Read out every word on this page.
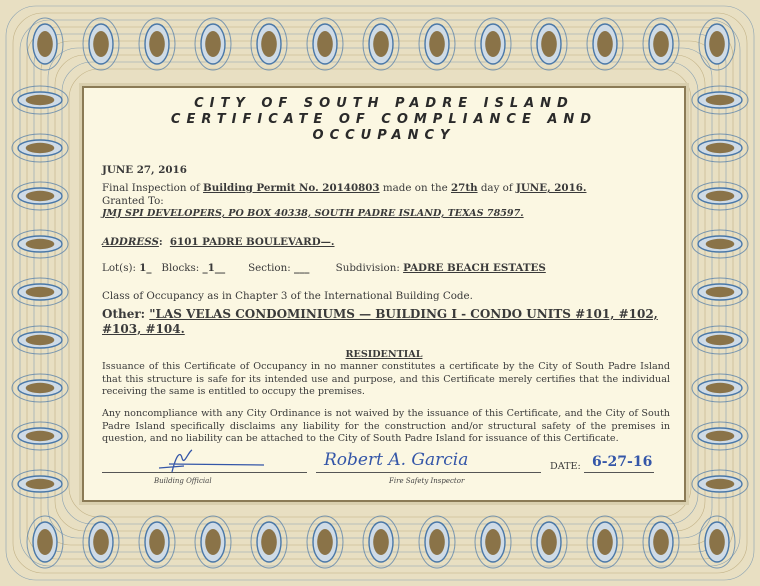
CITY OF SOUTH PADRE ISLAND
CERTIFICATE OF COMPLIANCE AND
OCCUPANCY
JUNE 27, 2016
Final Inspection of Building Permit No. 20140803 made on the 27th day of JUNE, 2016.
Granted To:
JMJ SPI DEVELOPERS, PO BOX 40338, SOUTH PADRE ISLAND, TEXAS 78597.
ADDRESS:  6101 PADRE BOULEVARD—.
Lot(s): 1_ Blocks: _1__ Section: ___	Subdivision: PADRE BEACH ESTATES
Class of Occupancy as in Chapter 3 of the International Building Code.
Other: "LAS VELAS CONDOMINIUMS — BUILDING I - CONDO UNITS #101, #102,
#103, #104.
RESIDENTIAL
Issuance of this Certificate of Occupancy in no manner constitutes a certificate by the City of South Padre Island that this structure is safe for its intended use and purpose, and this Certificate merely certifies that the individual receiving the same is entitled to occupy the premises.
Any noncompliance with any City Ordinance is not waived by the issuance of this Certificate, and the City of South Padre Island specifically disclaims any liability for the construction and/or structural safety of the premises in question, and no liability can be attached to the City of South Padre Island for issuance of this Certificate.
Building Official
Robert A. Garcia
Fire Safety Inspector
DATE: 6-27-16
